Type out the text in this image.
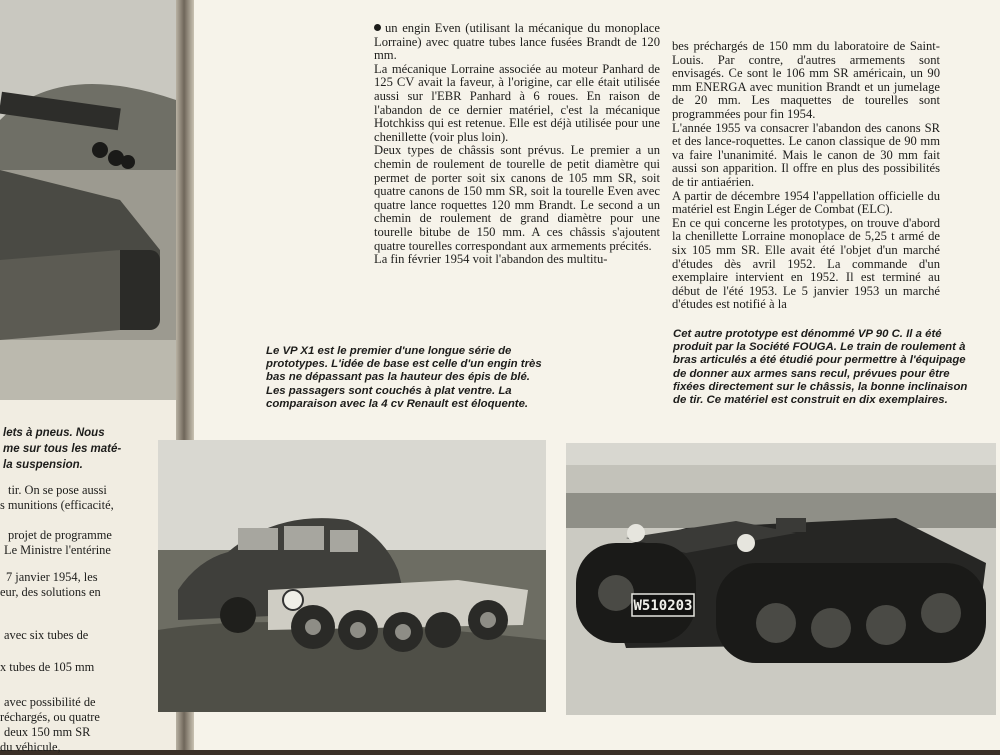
lets à pneus. Nous
me sur tous les maté-
la suspension.
tir. On se pose aussi
s munitions (efficacité,
projet de programme
Le Ministre l'entérine
7 janvier 1954, les
eur, des solutions en
avec six tubes de
x tubes de 105 mm
avec possibilité de
réchargés, ou quatre
deux 150 mm SR
du véhicule,

un engin Even (utilisant la mécanique du monoplace Lorraine) avec quatre tubes lance fusées Brandt de 120 mm.

La mécanique Lorraine associée au moteur Panhard de 125 CV avait la faveur, à l'origine, car elle était utilisée aussi sur l'EBR Panhard à 6 roues. En raison de l'abandon de ce dernier matériel, c'est la mécanique Hotchkiss qui est retenue. Elle est déjà utilisée pour une chenillette (voir plus loin).

Deux types de châssis sont prévus. Le premier a un chemin de roulement de tourelle de petit diamètre qui permet de porter soit six canons de 105 mm SR, soit quatre canons de 150 mm SR, soit la tourelle Even avec quatre lance roquettes 120 mm Brandt. Le second a un chemin de roulement de grand diamètre pour une tourelle bitube de 150 mm. A ces châssis s'ajoutent quatre tourelles correspondant aux armements précités.

La fin février 1954 voit l'abandon des multitu-

bes préchargés de 150 mm du laboratoire de Saint-Louis. Par contre, d'autres armements sont envisagés. Ce sont le 106 mm SR américain, un 90 mm ENERGA avec munition Brandt et un jumelage de 20 mm. Les maquettes de tourelles sont programmées pour fin 1954.

L'année 1955 va consacrer l'abandon des canons SR et des lance-roquettes. Le canon classique de 90 mm va faire l'unanimité. Mais le canon de 30 mm fait aussi son apparition. Il offre en plus des possibilités de tir antiaérien.

A partir de décembre 1954 l'appellation officielle du matériel est Engin Léger de Combat (ELC).

En ce qui concerne les prototypes, on trouve d'abord la chenillette Lorraine monoplace de 5,25 t armé de six 105 mm SR. Elle avait été l'objet d'un marché d'études dès avril 1952. La commande d'un exemplaire intervient en 1952. Il est terminé au début de l'été 1953. Le 5 janvier 1953 un marché d'études est notifié à la

Le VP X1 est le premier d'une longue série de prototypes. L'idée de base est celle d'un engin très bas ne dépassant pas la hauteur des épis de blé. Les passagers sont couchés à plat ventre. La comparaison avec la 4 cv Renault est éloquente.
Cet autre prototype est dénommé VP 90 C. Il a été produit par la Société FOUGA. Le train de roulement à bras articulés a été étudié pour permettre à l'équipage de donner aux armes sans recul, prévues pour être fixées directement sur le châssis, la bonne inclinaison de tir. Ce matériel est construit en dix exemplaires.
W510203
